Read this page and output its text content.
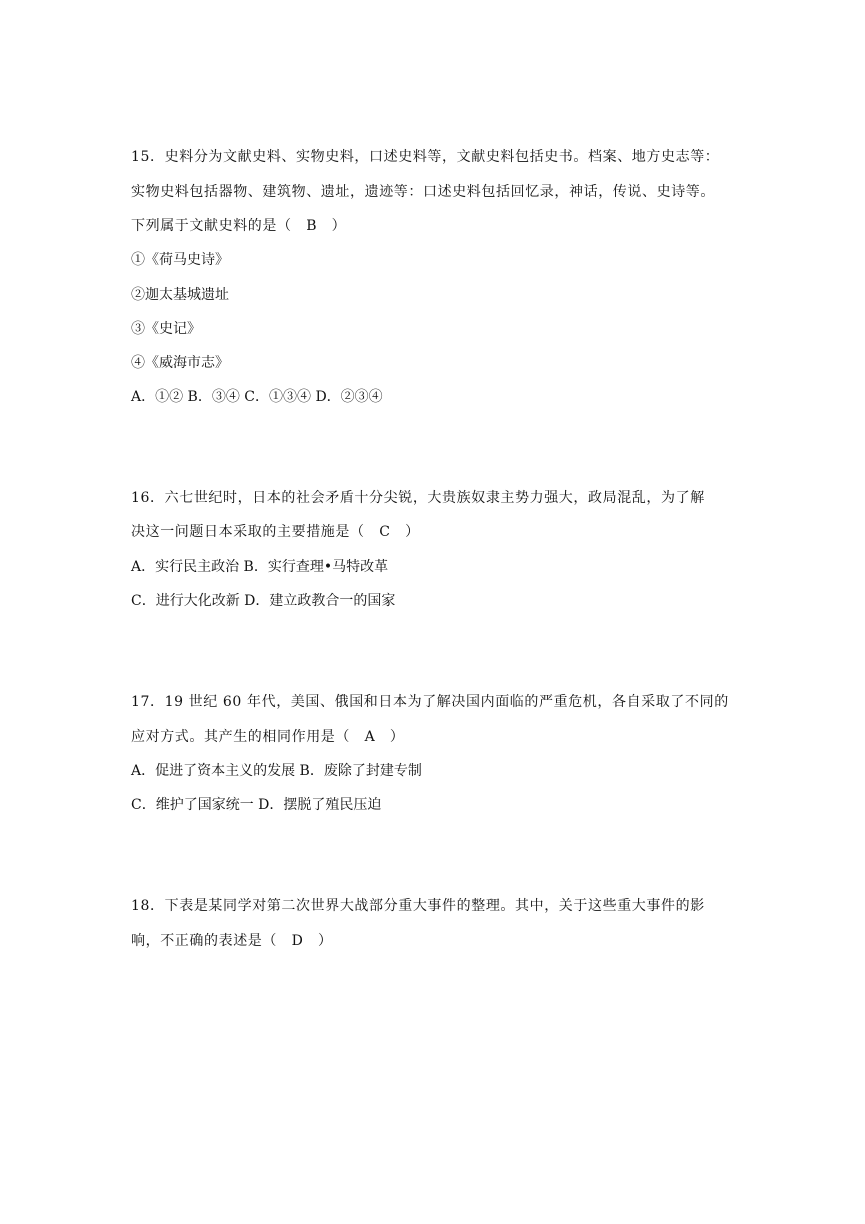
15．史料分为文献史料、实物史料，口述史料等，文献史料包括史书。档案、地方史志等：
实物史料包括器物、建筑物、遗址，遗迹等：口述史料包括回忆录，神话，传说、史诗等。
下列属于文献史料的是（　B　）
①《荷马史诗》
②迦太基城遗址
③《史记》
④《威海市志》
A．①② B．③④ C．①③④ D．②③④
16．六七世纪时，日本的社会矛盾十分尖锐，大贵族奴隶主势力强大，政局混乱，为了解
决这一问题日本采取的主要措施是（　C　）
A．实行民主政治 B．实行查理•马特改革
C．进行大化改新 D．建立政教合一的国家
17．19 世纪 60 年代，美国、俄国和日本为了解决国内面临的严重危机，各自采取了不同的
应对方式。其产生的相同作用是（　A　）
A．促进了资本主义的发展 B．废除了封建专制
C．维护了国家统一 D．摆脱了殖民压迫
18．下表是某同学对第二次世界大战部分重大事件的整理。其中，关于这些重大事件的影
响，不正确的表述是（　D　）
